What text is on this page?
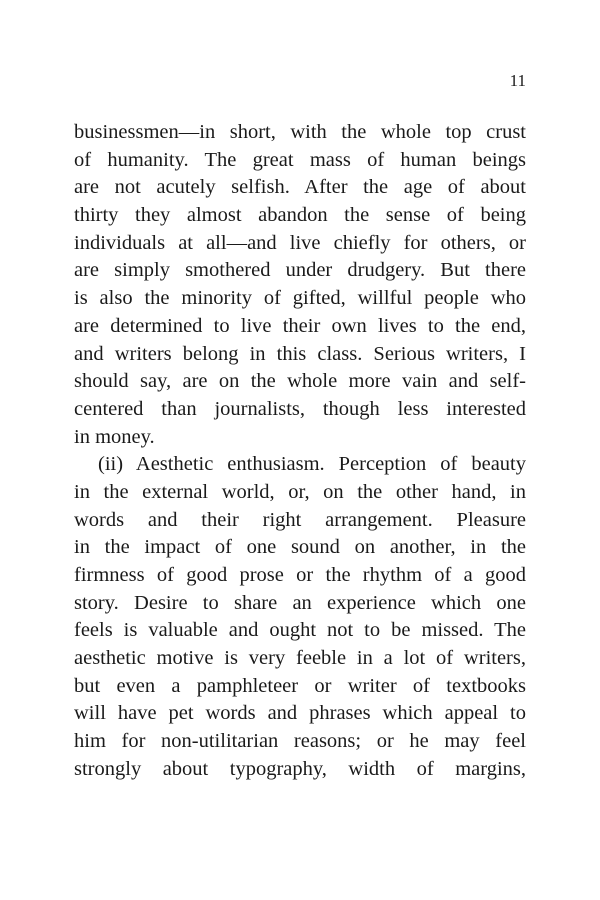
11
businessmen—in short, with the whole top crust
of humanity. The great mass of human beings
are not acutely selfish. After the age of about
thirty they almost abandon the sense of being
individuals at all—and live chiefly for others, or
are simply smothered under drudgery. But there
is also the minority of gifted, willful people who
are determined to live their own lives to the end,
and writers belong in this class. Serious writers, I
should say, are on the whole more vain and self-
centered than journalists, though less interested
in money.
(ii) Aesthetic enthusiasm. Perception of beauty
in the external world, or, on the other hand, in
words and their right arrangement. Pleasure
in the impact of one sound on another, in the
firmness of good prose or the rhythm of a good
story. Desire to share an experience which one
feels is valuable and ought not to be missed. The
aesthetic motive is very feeble in a lot of writers,
but even a pamphleteer or writer of textbooks
will have pet words and phrases which appeal to
him for non-utilitarian reasons; or he may feel
strongly about typography, width of margins,
